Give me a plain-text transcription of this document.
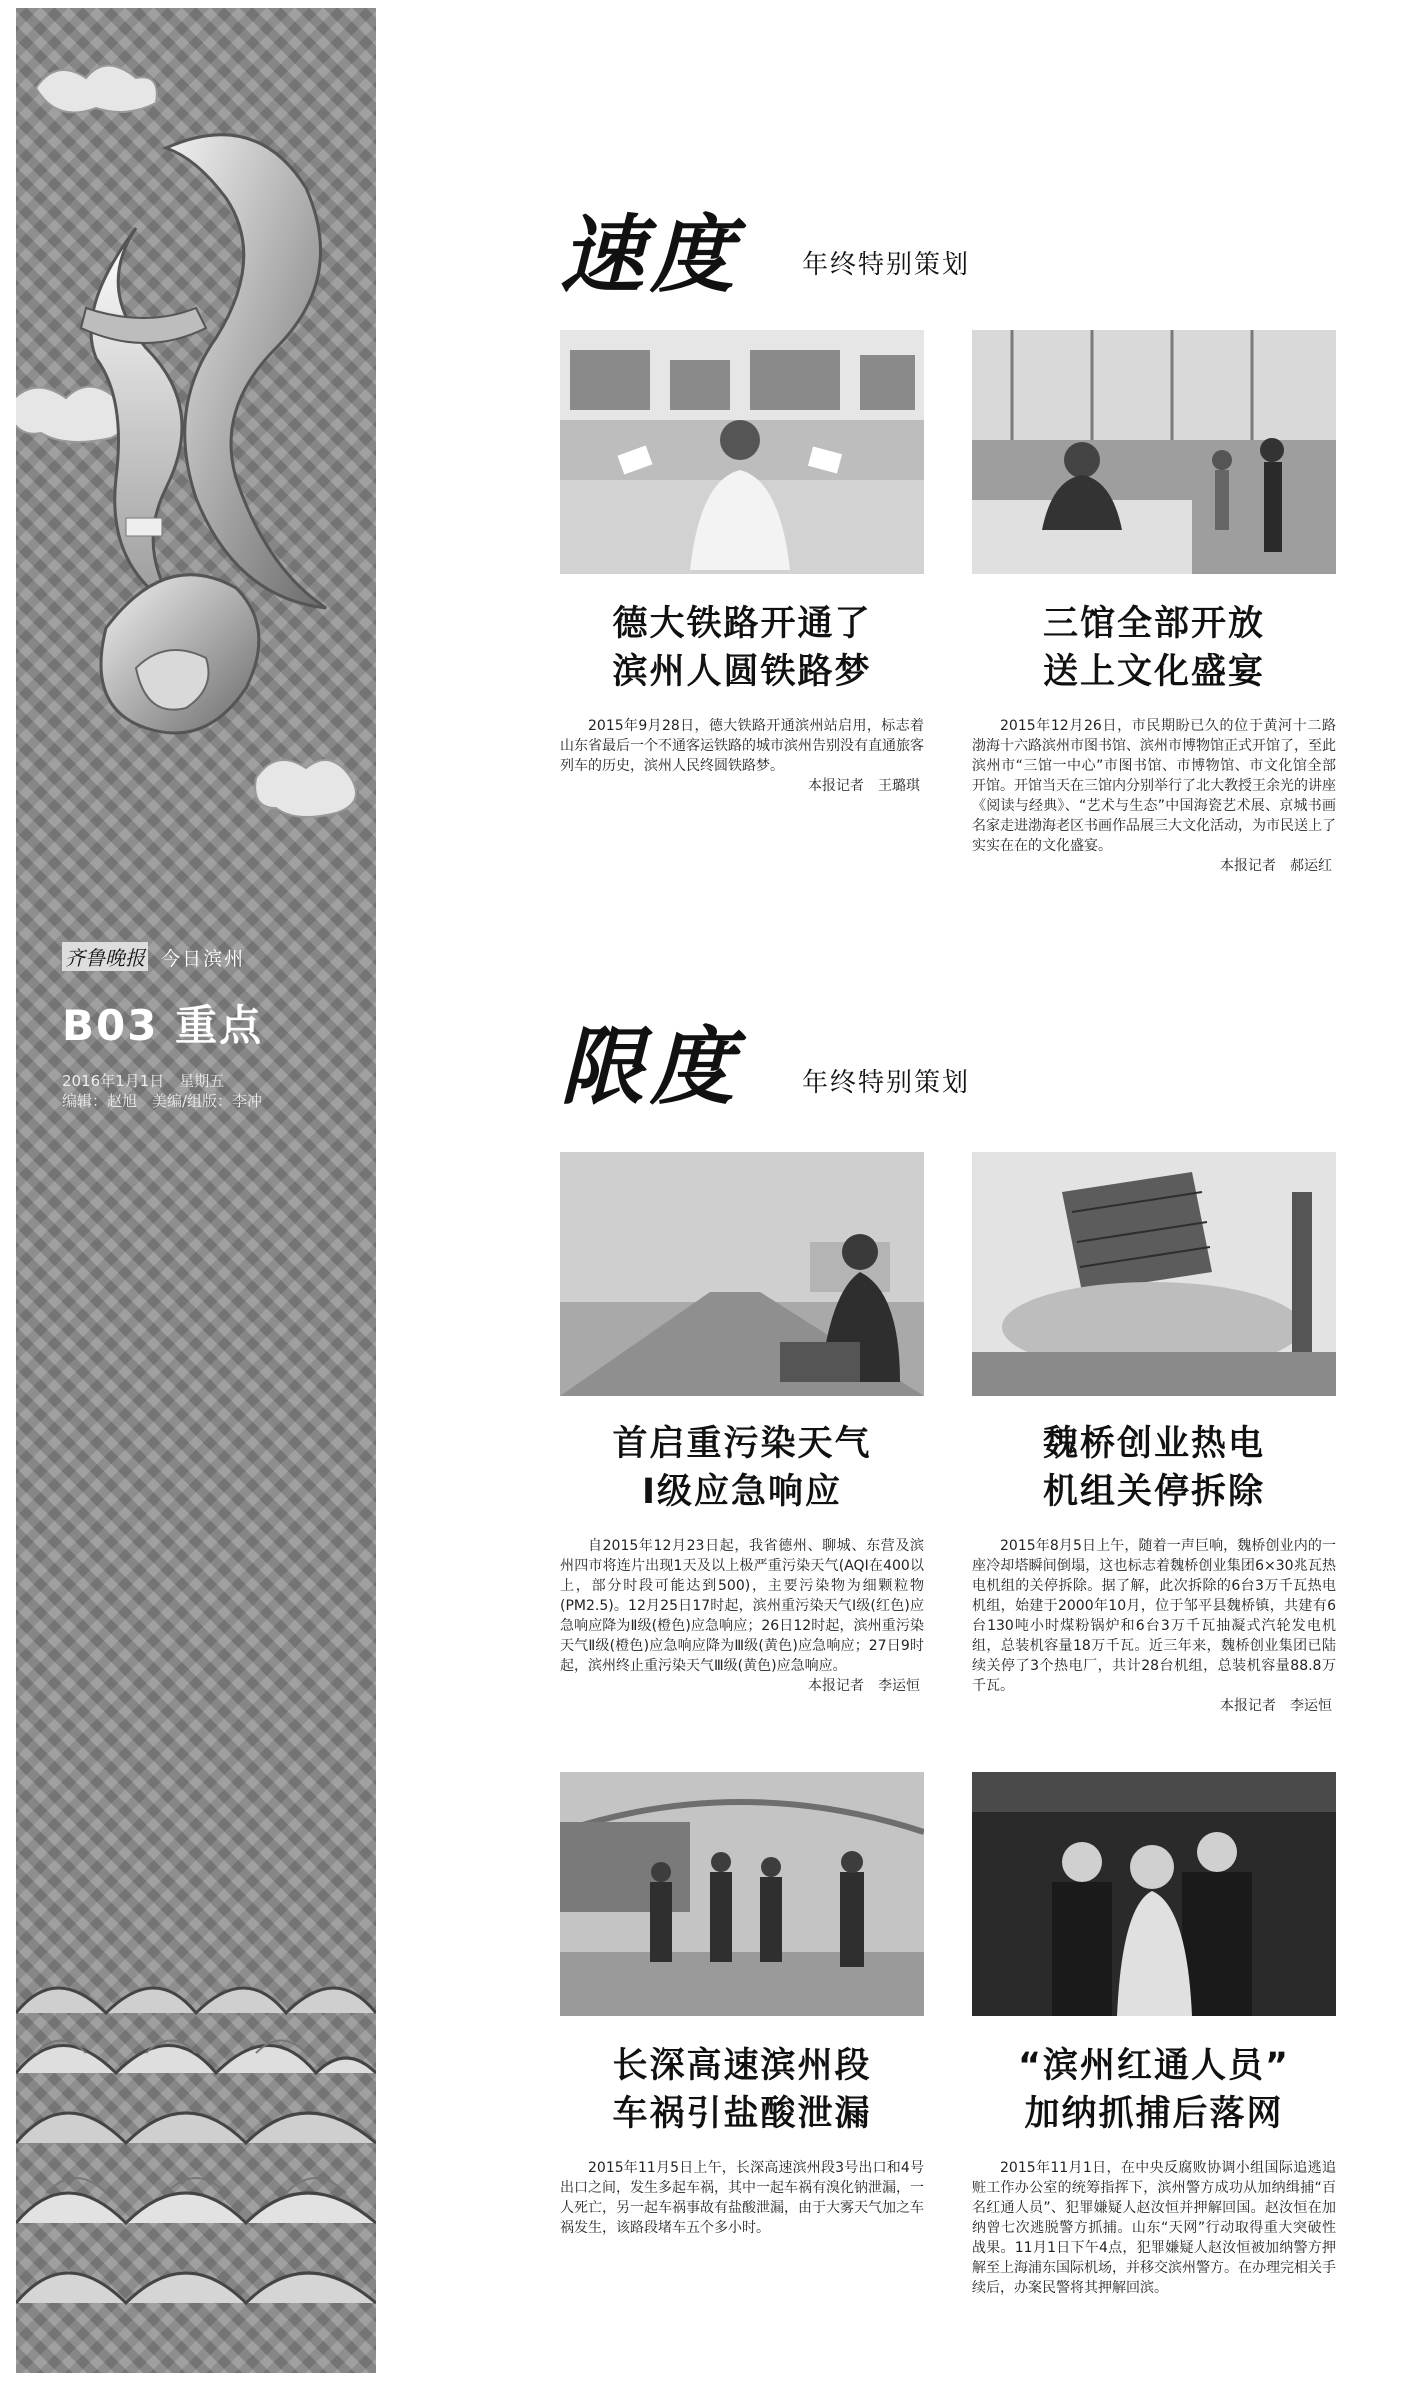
齐鲁晚报 今日滨州
B03 重点
2016年1月1日　星期五
编辑：赵旭　美编/组版：李冲
速度 年终特别策划
德大铁路开通了
滨州人圆铁路梦
三馆全部开放
送上文化盛宴
2015年9月28日，德大铁路开通滨州站启用，标志着山东省最后一个不通客运铁路的城市滨州告别没有直通旅客列车的历史，滨州人民终圆铁路梦。
本报记者　王璐琪
2015年12月26日，市民期盼已久的位于黄河十二路渤海十六路滨州市图书馆、滨州市博物馆正式开馆了，至此滨州市“三馆一中心”市图书馆、市博物馆、市文化馆全部开馆。开馆当天在三馆内分别举行了北大教授王余光的讲座《阅读与经典》、“艺术与生态”中国海瓷艺术展、京城书画名家走进渤海老区书画作品展三大文化活动，为市民送上了实实在在的文化盛宴。
本报记者　郝运红
限度 年终特别策划
首启重污染天气
Ⅰ级应急响应
魏桥创业热电
机组关停拆除
自2015年12月23日起，我省德州、聊城、东营及滨州四市将连片出现1天及以上极严重污染天气(AQI在400以上，部分时段可能达到500)，主要污染物为细颗粒物(PM2.5)。12月25日17时起，滨州重污染天气Ⅰ级(红色)应急响应降为Ⅱ级(橙色)应急响应；26日12时起，滨州重污染天气Ⅱ级(橙色)应急响应降为Ⅲ级(黄色)应急响应；27日9时起，滨州终止重污染天气Ⅲ级(黄色)应急响应。
本报记者　李运恒
2015年8月5日上午，随着一声巨响，魏桥创业内的一座冷却塔瞬间倒塌，这也标志着魏桥创业集团6×30兆瓦热电机组的关停拆除。据了解，此次拆除的6台3万千瓦热电机组，始建于2000年10月，位于邹平县魏桥镇，共建有6台130吨小时煤粉锅炉和6台3万千瓦抽凝式汽轮发电机组，总装机容量18万千瓦。近三年来，魏桥创业集团已陆续关停了3个热电厂，共计28台机组，总装机容量88.8万千瓦。
本报记者　李运恒
长深高速滨州段
车祸引盐酸泄漏
“滨州红通人员”
加纳抓捕后落网
2015年11月5日上午，长深高速滨州段3号出口和4号出口之间，发生多起车祸，其中一起车祸有溴化钠泄漏，一人死亡，另一起车祸事故有盐酸泄漏，由于大雾天气加之车祸发生，该路段堵车五个多小时。
2015年11月1日，在中央反腐败协调小组国际追逃追赃工作办公室的统筹指挥下，滨州警方成功从加纳缉捕“百名红通人员”、犯罪嫌疑人赵汝恒并押解回国。赵汝恒在加纳曾七次逃脱警方抓捕。山东“天网”行动取得重大突破性战果。11月1日下午4点，犯罪嫌疑人赵汝恒被加纳警方押解至上海浦东国际机场，并移交滨州警方。在办理完相关手续后，办案民警将其押解回滨。
